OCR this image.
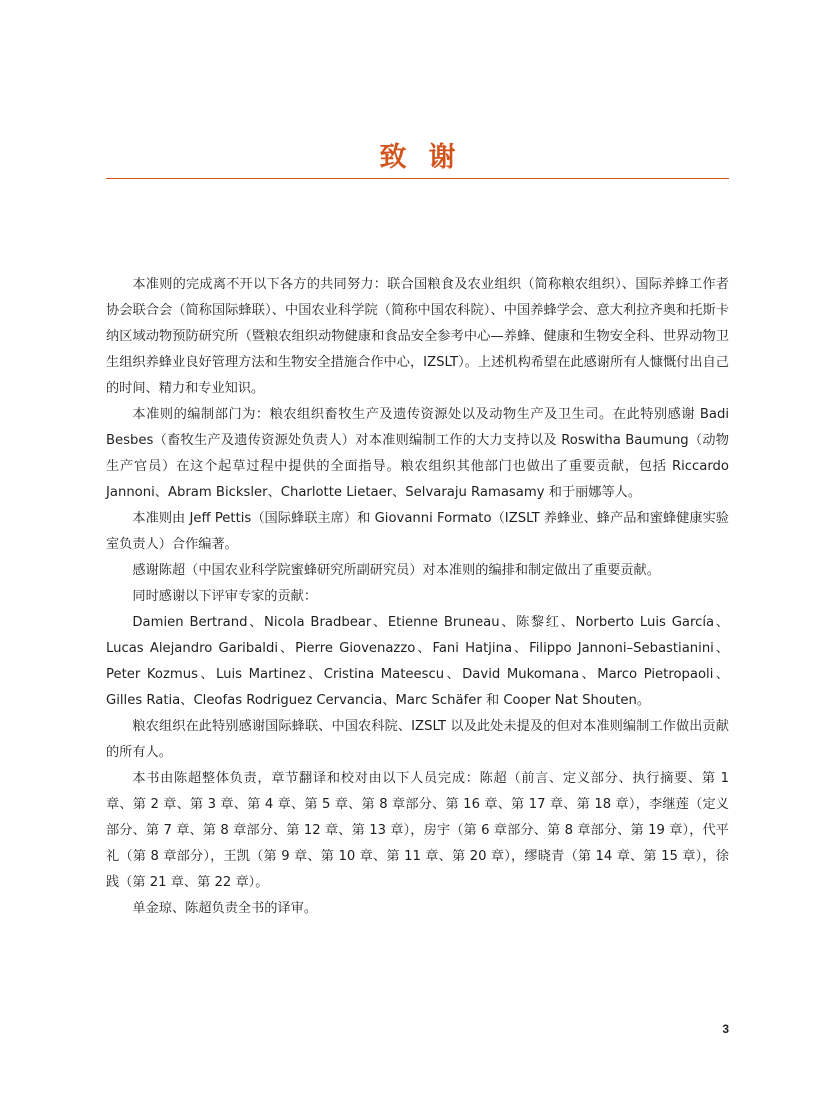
致谢

本准则的完成离不开以下各方的共同努力：联合国粮食及农业组织（简称粮农组织）、国际养蜂工作者协会联合会（简称国际蜂联）、中国农业科学院（简称中国农科院）、中国养蜂学会、意大利拉齐奥和托斯卡纳区域动物预防研究所（暨粮农组织动物健康和食品安全参考中心—养蜂、健康和生物安全科、世界动物卫生组织养蜂业良好管理方法和生物安全措施合作中心，IZSLT）。上述机构希望在此感谢所有人慷慨付出自己的时间、精力和专业知识。

本准则的编制部门为：粮农组织畜牧生产及遗传资源处以及动物生产及卫生司。在此特别感谢 Badi Besbes（畜牧生产及遗传资源处负责人）对本准则编制工作的大力支持以及 Roswitha Baumung（动物生产官员）在这个起草过程中提供的全面指导。粮农组织其他部门也做出了重要贡献，包括 Riccardo Jannoni、Abram Bicksler、Charlotte Lietaer、Selvaraju Ramasamy 和于丽娜等人。

本准则由 Jeff Pettis（国际蜂联主席）和 Giovanni Formato（IZSLT 养蜂业、蜂产品和蜜蜂健康实验室负责人）合作编著。

感谢陈超（中国农业科学院蜜蜂研究所副研究员）对本准则的编排和制定做出了重要贡献。

同时感谢以下评审专家的贡献：

Damien Bertrand、Nicola Bradbear、Etienne Bruneau、陈黎红、Norberto Luis García、Lucas Alejandro Garibaldi、Pierre Giovenazzo、Fani Hatjina、Filippo Jannoni–Sebastianini、Peter Kozmus、Luis Martinez、Cristina Mateescu、David Mukomana、Marco Pietropaoli、Gilles Ratia、Cleofas Rodriguez Cervancia、Marc Schäfer 和 Cooper Nat Shouten。

粮农组织在此特别感谢国际蜂联、中国农科院、IZSLT 以及此处未提及的但对本准则编制工作做出贡献的所有人。

本书由陈超整体负责，章节翻译和校对由以下人员完成：陈超（前言、定义部分、执行摘要、第 1 章、第 2 章、第 3 章、第 4 章、第 5 章、第 8 章部分、第 16 章、第 17 章、第 18 章），李继莲（定义部分、第 7 章、第 8 章部分、第 12 章、第 13 章），房宇（第 6 章部分、第 8 章部分、第 19 章），代平礼（第 8 章部分），王凯（第 9 章、第 10 章、第 11 章、第 20 章），缪晓青（第 14 章、第 15 章），徐践（第 21 章、第 22 章）。

单金琼、陈超负责全书的译审。

3
